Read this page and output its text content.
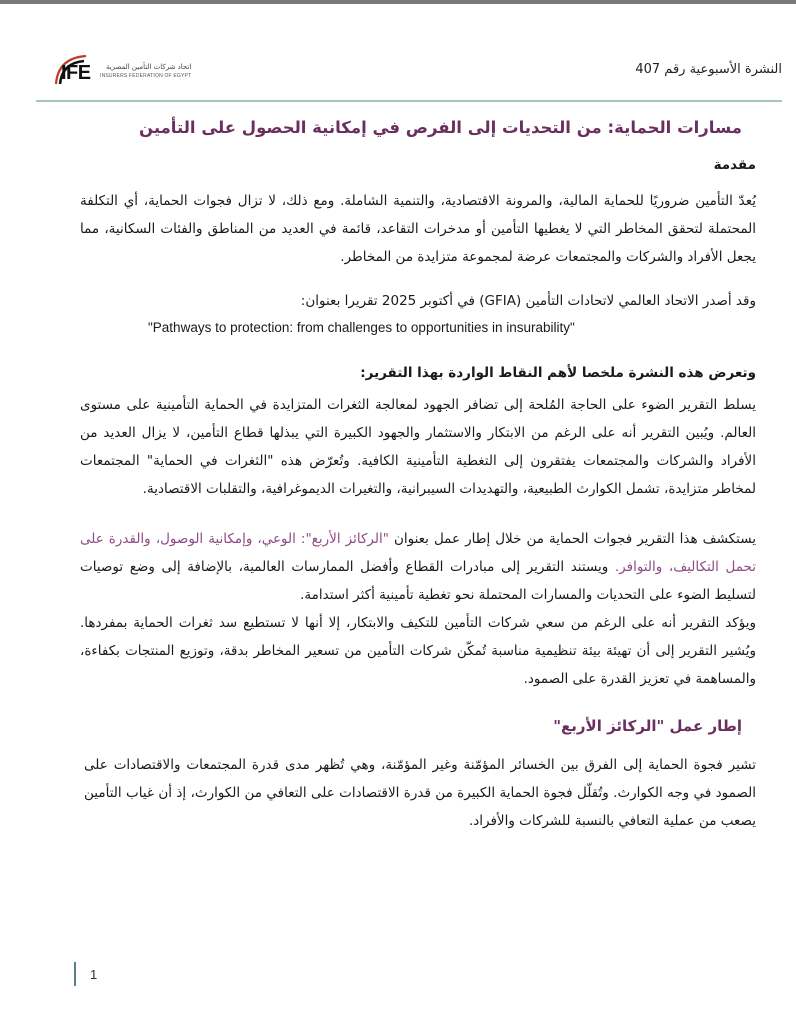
IFE	اتحاد شركات التأمين المصرية
INSURERS FEDERATION OF EGYPT	النشرة الأسبوعية رقم 407
مسارات الحماية: من التحديات إلى الفرص في إمكانية الحصول على التأمين
مقدمة

يُعدّ التأمين ضروريًا للحماية المالية، والمرونة الاقتصادية، والتنمية الشاملة. ومع ذلك، لا تزال فجوات الحماية، أي التكلفة المحتملة لتحقق المخاطر التي لا يغطيها التأمين أو مدخرات التقاعد، قائمة في العديد من المناطق والفئات السكانية، مما يجعل الأفراد والشركات والمجتمعات عرضة لمجموعة متزايدة من المخاطر.

وقد أصدر الاتحاد العالمي لاتحادات التأمين (GFIA) في أكتوبر 2025 تقريرا بعنوان:

"Pathways to protection: from challenges to opportunities in insurability"
وتعرض هذه النشرة ملخصا لأهم النقاط الواردة بهذا التقرير:

يسلط التقرير الضوء على الحاجة المُلحة إلى تضافر الجهود لمعالجة الثغرات المتزايدة في الحماية التأمينية على مستوى العالم. ويُبين التقرير أنه على الرغم من الابتكار والاستثمار والجهود الكبيرة التي يبذلها قطاع التأمين، لا يزال العديد من الأفراد والشركات والمجتمعات يفتقرون إلى التغطية التأمينية الكافية. وتُعرّض هذه "الثغرات في الحماية" المجتمعات لمخاطر متزايدة، تشمل الكوارث الطبيعية، والتهديدات السيبرانية، والتغيرات الديموغرافية، والتقلبات الاقتصادية.

يستكشف هذا التقرير فجوات الحماية من خلال إطار عمل بعنوان "الركائز الأربع": الوعي، وإمكانية الوصول، والقدرة على تحمل التكاليف، والتوافر. ويستند التقرير إلى مبادرات القطاع وأفضل الممارسات العالمية، بالإضافة إلى وضع توصيات لتسليط الضوء على التحديات والمسارات المحتملة نحو تغطية تأمينية أكثر استدامة.

ويؤكد التقرير أنه على الرغم من سعي شركات التأمين للتكيف والابتكار، إلا أنها لا تستطيع سد ثغرات الحماية بمفردها. ويُشير التقرير إلى أن تهيئة بيئة تنظيمية مناسبة تُمكّن شركات التأمين من تسعير المخاطر بدقة، وتوزيع المنتجات بكفاءة، والمساهمة في تعزيز القدرة على الصمود.

إطار عمل "الركائز الأربع"

تشير فجوة الحماية إلى الفرق بين الخسائر المؤمّنة وغير المؤمّنة، وهي تُظهر مدى قدرة المجتمعات والاقتصادات على الصمود في وجه الكوارث. وتُقلّل فجوة الحماية الكبيرة من قدرة الاقتصادات على التعافي من الكوارث، إذ أن غياب التأمين يصعب من عملية التعافي بالنسبة للشركات والأفراد.

1
